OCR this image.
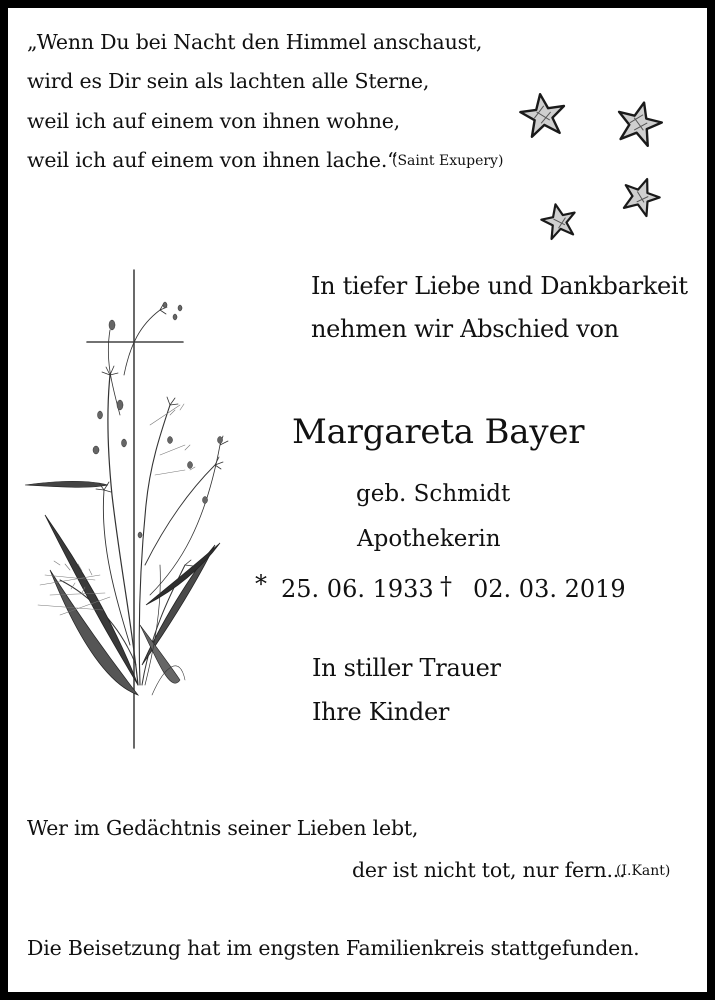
„Wenn Du bei Nacht den Himmel anschaust,
wird es Dir sein als lachten alle Sterne,
weil ich auf einem von ihnen wohne,
weil ich auf einem von ihnen lache.“
(Saint Exupery)
In tiefer Liebe und Dankbarkeit
nehmen wir Abschied von
Margareta Bayer
geb. Schmidt
Apothekerin
* 25. 06. 1933 † 02. 03. 2019
In stiller Trauer
Ihre Kinder
Wer im Gedächtnis seiner Lieben lebt,
der ist nicht tot, nur fern...
(I.Kant)
Die Beisetzung hat im engsten Familienkreis stattgefunden.
